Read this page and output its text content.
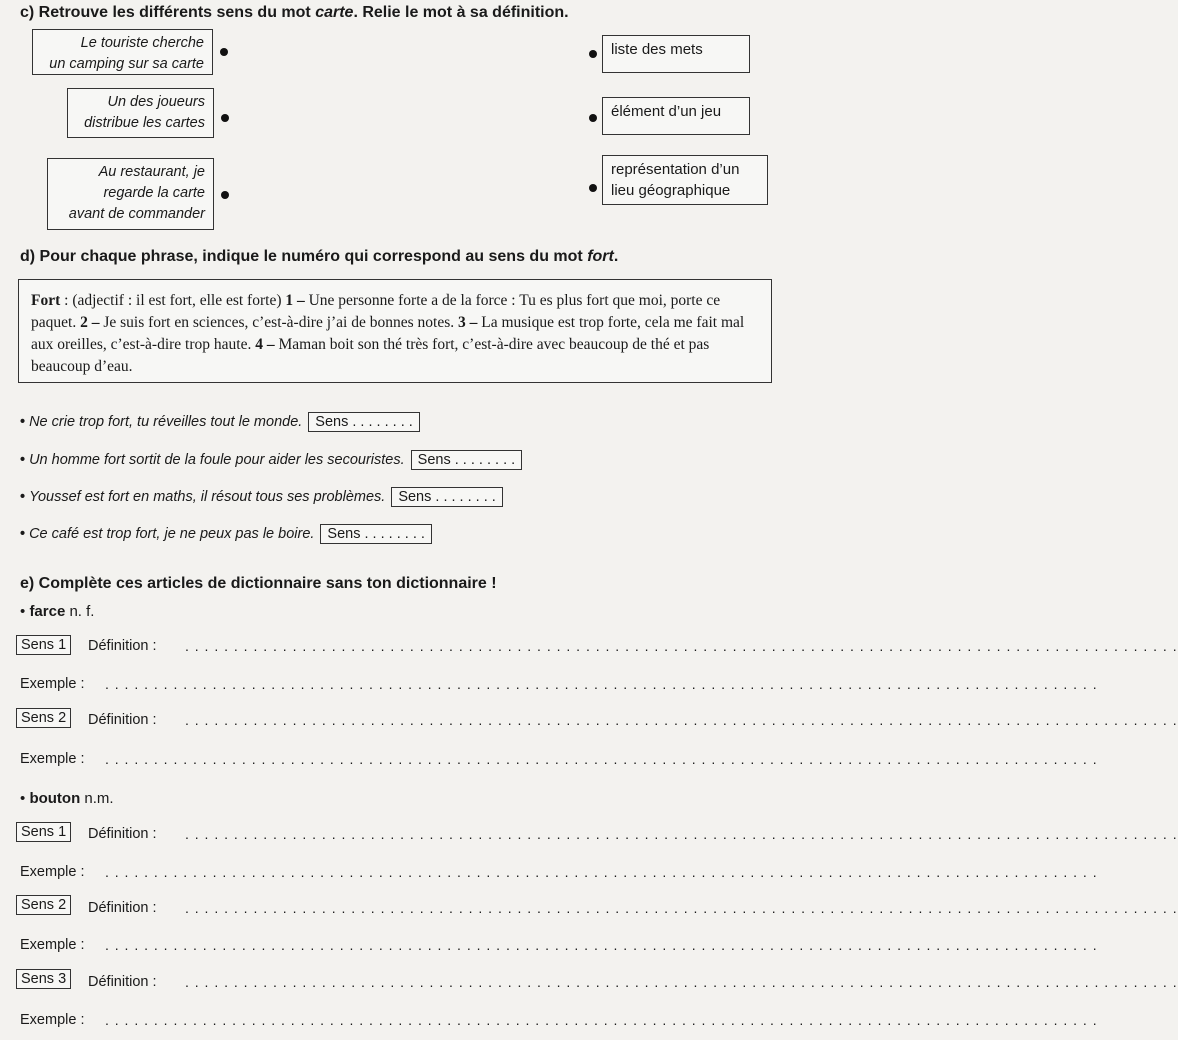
c) Retrouve les différents sens du mot carte. Relie le mot à sa définition.
Le touriste cherche
un camping sur sa carte
Un des joueurs
distribue les cartes
Au restaurant, je
regarde la carte
avant de commander
liste des mets
élément d’un jeu
représentation d’un
lieu géographique
d) Pour chaque phrase, indique le numéro qui correspond au sens du mot fort.
Fort : (adjectif : il est fort, elle est forte) 1 – Une personne forte a de la force : Tu es plus fort que moi, porte ce paquet. 2 – Je suis fort en sciences, c’est-à-dire j’ai de bonnes notes. 3 – La musique est trop forte, cela me fait mal aux oreilles, c’est-à-dire trop haute. 4 – Maman boit son thé très fort, c’est-à-dire avec beaucoup de thé et pas beaucoup d’eau.
• Ne crie trop fort, tu réveilles tout le monde. Sens . . . . . . . .
• Un homme fort sortit de la foule pour aider les secouristes. Sens . . . . . . . .
• Youssef est fort en maths, il résout tous ses problèmes. Sens . . . . . . . .
• Ce café est trop fort, je ne peux pas le boire. Sens . . . . . . . .
e) Complète ces articles de dictionnaire sans ton dictionnaire !
• farce n. f.
Sens 1	Définition : . . . . . . . . . . . . . . . . . . . . . . . . . . . . . . . . . . . . . . . . . . . . . . . . . . . . . . . . . . . . . . . . . . . . . . . . . . . . . . . . . . . . . . . . . . . . . . . . . . . . . .
Exemple : . . . . . . . . . . . . . . . . . . . . . . . . . . . . . . . . . . . . . . . . . . . . . . . . . . . . . . . . . . . . . . . . . . . . . . . . . . . . . . . . . . . . . . . . . . . . . . . . . . . . . .
Sens 2	Définition : . . . . . . . . . . . . . . . . . . . . . . . . . . . . . . . . . . . . . . . . . . . . . . . . . . . . . . . . . . . . . . . . . . . . . . . . . . . . . . . . . . . . . . . . . . . . . . . . . . . . . .
Exemple : . . . . . . . . . . . . . . . . . . . . . . . . . . . . . . . . . . . . . . . . . . . . . . . . . . . . . . . . . . . . . . . . . . . . . . . . . . . . . . . . . . . . . . . . . . . . . . . . . . . . . .
• bouton n.m.
Sens 1	Définition : . . . . . . . . . . . . . . . . . . . . . . . . . . . . . . . . . . . . . . . . . . . . . . . . . . . . . . . . . . . . . . . . . . . . . . . . . . . . . . . . . . . . . . . . . . . . . . . . . . . . . .
Exemple : . . . . . . . . . . . . . . . . . . . . . . . . . . . . . . . . . . . . . . . . . . . . . . . . . . . . . . . . . . . . . . . . . . . . . . . . . . . . . . . . . . . . . . . . . . . . . . . . . . . . . .
Sens 2	Définition : . . . . . . . . . . . . . . . . . . . . . . . . . . . . . . . . . . . . . . . . . . . . . . . . . . . . . . . . . . . . . . . . . . . . . . . . . . . . . . . . . . . . . . . . . . . . . . . . . . . . . .
Exemple : . . . . . . . . . . . . . . . . . . . . . . . . . . . . . . . . . . . . . . . . . . . . . . . . . . . . . . . . . . . . . . . . . . . . . . . . . . . . . . . . . . . . . . . . . . . . . . . . . . . . . .
Sens 3	Définition : . . . . . . . . . . . . . . . . . . . . . . . . . . . . . . . . . . . . . . . . . . . . . . . . . . . . . . . . . . . . . . . . . . . . . . . . . . . . . . . . . . . . . . . . . . . . . . . . . . . . . .
Exemple : . . . . . . . . . . . . . . . . . . . . . . . . . . . . . . . . . . . . . . . . . . . . . . . . . . . . . . . . . . . . . . . . . . . . . . . . . . . . . . . . . . . . . . . . . . . . . . . . . . . . . .
